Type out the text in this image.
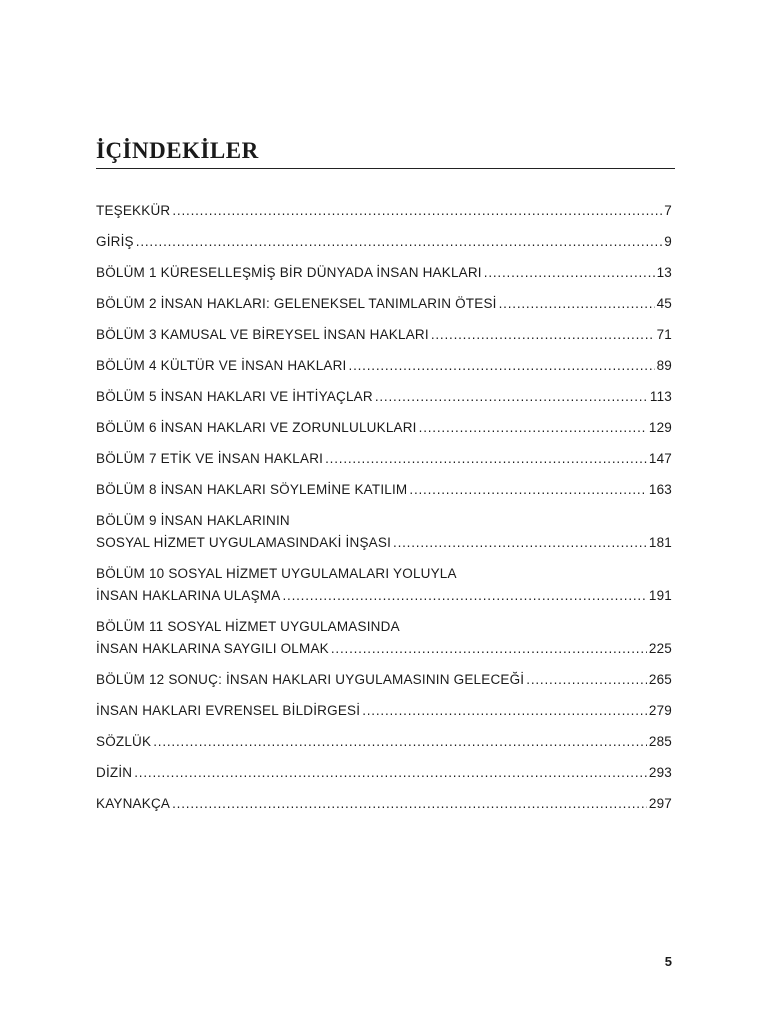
İÇİNDEKİLER
TEŞEKKÜR .....	7
GİRİŞ .....	9
BÖLÜM 1 KÜRESELLEŞMİŞ BİR DÜNYADA İNSAN HAKLARI .....	13
BÖLÜM 2 İNSAN HAKLARI: GELENEKSEL TANIMLARIN ÖTESİ .....	45
BÖLÜM 3 KAMUSAL VE BİREYSEL İNSAN HAKLARI .....	71
BÖLÜM 4 KÜLTÜR VE İNSAN HAKLARI .....	89
BÖLÜM 5 İNSAN HAKLARI VE İHTİYAÇLAR .....	113
BÖLÜM 6 İNSAN HAKLARI VE ZORUNLULUKLARI .....	129
BÖLÜM 7 ETİK VE İNSAN HAKLARI .....	147
BÖLÜM 8 İNSAN HAKLARI SÖYLEMİNE KATILIM .....	163
BÖLÜM 9 İNSAN HAKLARININ
SOSYAL HİZMET UYGULAMASINDAKİ İNŞASI .....	181
BÖLÜM 10 SOSYAL HİZMET UYGULAMALARI YOLUYLA
İNSAN HAKLARINA ULAŞMA .....	191
BÖLÜM 11 SOSYAL HİZMET UYGULAMASINDA
İNSAN HAKLARINA SAYGILI OLMAK .....	225
BÖLÜM 12 SONUÇ: İNSAN HAKLARI UYGULAMASININ GELECEĞİ .....	265
İNSAN HAKLARI EVRENSEL BİLDİRGESİ .....	279
SÖZLÜK .....	285
DİZİN .....	293
KAYNAKÇA .....	297
5
